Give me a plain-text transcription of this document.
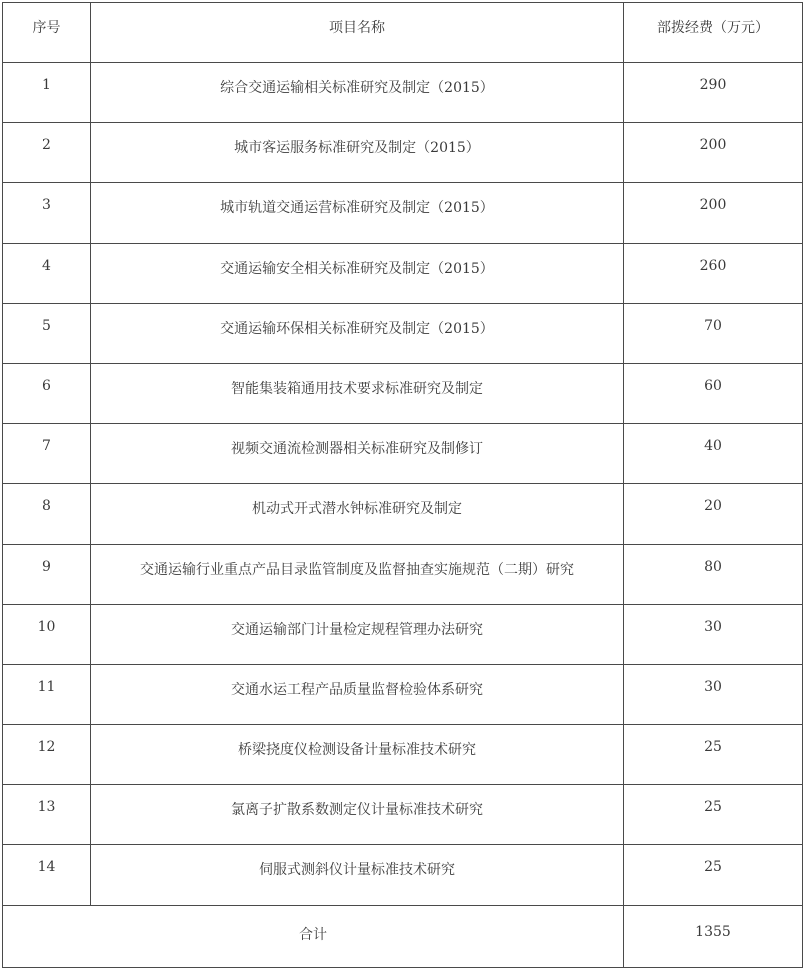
序号	项目名称	部拨经费（万元）
1	综合交通运输相关标准研究及制定（2015）	290
2	城市客运服务标准研究及制定（2015）	200
3	城市轨道交通运营标准研究及制定（2015）	200
4	交通运输安全相关标准研究及制定（2015）	260
5	交通运输环保相关标准研究及制定（2015）	70
6	智能集装箱通用技术要求标准研究及制定	60
7	视频交通流检测器相关标准研究及制修订	40
8	机动式开式潜水钟标准研究及制定	20
9	交通运输行业重点产品目录监管制度及监督抽查实施规范（二期）研究	80
10	交通运输部门计量检定规程管理办法研究	30
11	交通水运工程产品质量监督检验体系研究	30
12	桥梁挠度仪检测设备计量标准技术研究	25
13	氯离子扩散系数测定仪计量标准技术研究	25
14	伺服式测斜仪计量标准技术研究	25
合计		1355
